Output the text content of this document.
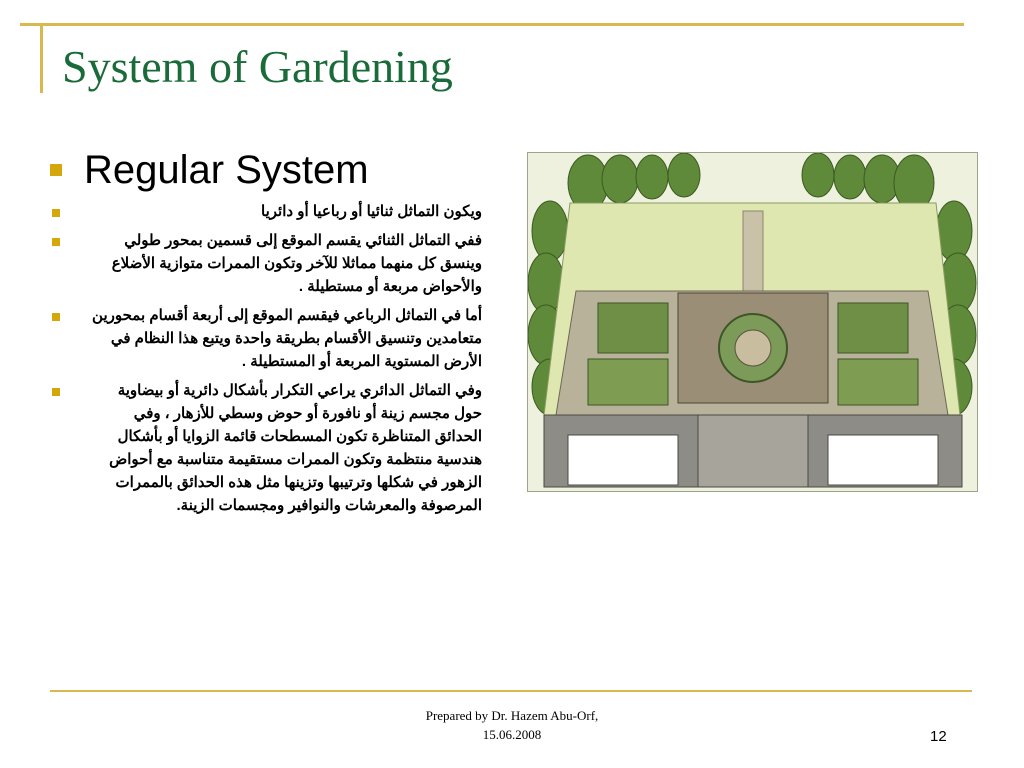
System of Gardening
Regular System
ويكون التماثل ثنائيا أو رباعيا أو دائريا
ففي التماثل الثنائي يقسم الموقع إلى قسمين بمحور طولي وينسق كل منهما مماثلا للآخر وتكون الممرات متوازية الأضلاع والأحواض مربعة أو مستطيلة .
أما في التماثل الرباعي فيقسم الموقع إلى أربعة أقسام بمحورين متعامدين وتنسيق الأقسام بطريقة واحدة ويتبع هذا النظام في الأرض المستوية المربعة أو المستطيلة .
وفي التماثل الدائري يراعي التكرار بأشكال دائرية أو بيضاوية حول مجسم زينة أو نافورة أو حوض وسطي للأزهار ، وفي الحدائق المتناظرة تكون المسطحات قائمة الزوايا أو بأشكال هندسية منتظمة وتكون الممرات مستقيمة متناسبة مع أحواض الزهور في شكلها وترتيبها وتزينها مثل هذه الحدائق بالممرات المرصوفة والمعرشات والنوافير ومجسمات الزينة.
Prepared by Dr. Hazem Abu-Orf,
15.06.2008	12
